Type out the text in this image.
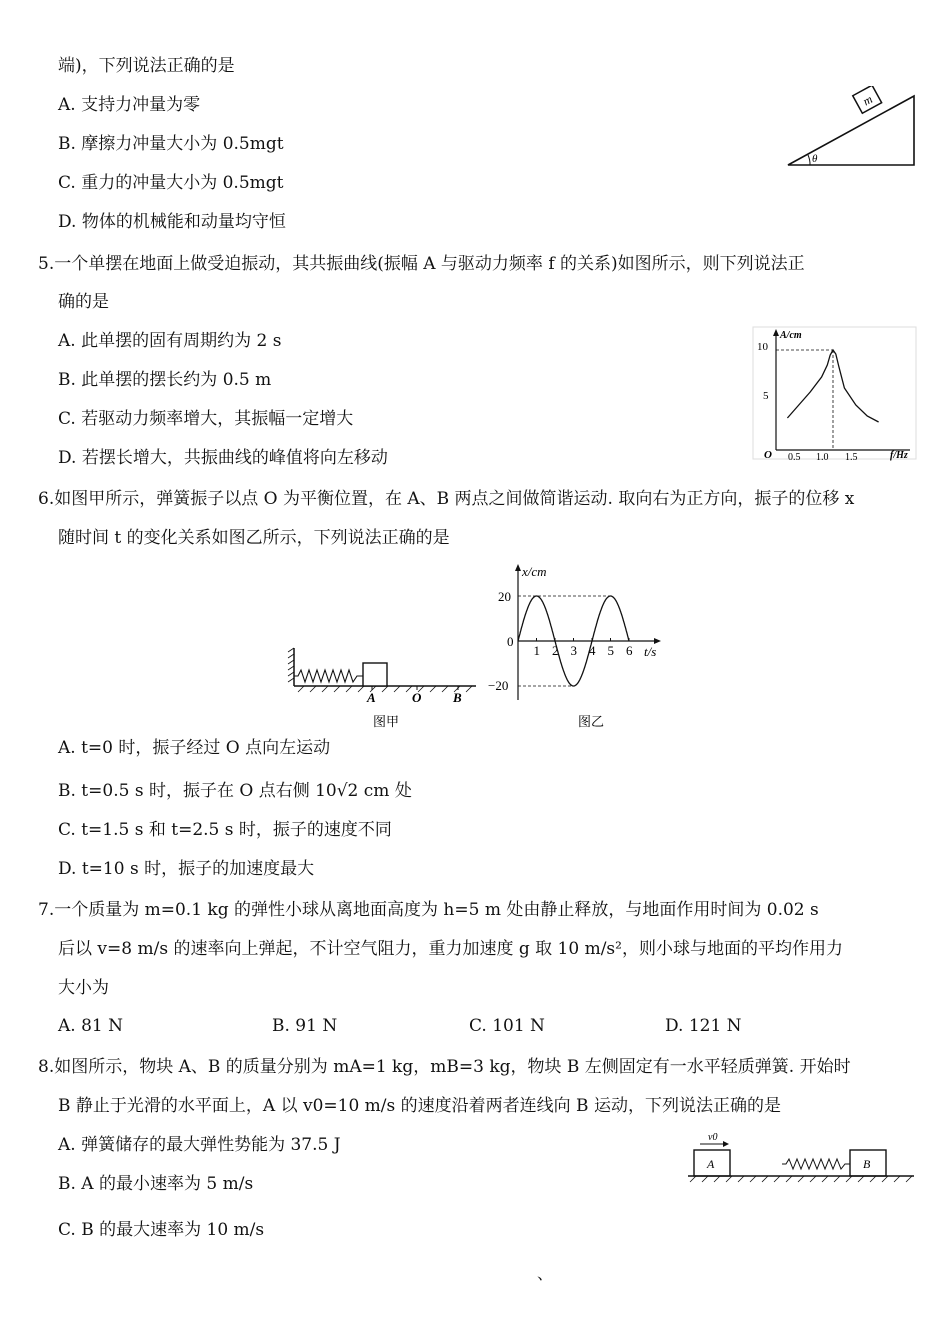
端)，下列说法正确的是
A. 支持力冲量为零
B. 摩擦力冲量大小为 0.5mgt
C. 重力的冲量大小为 0.5mgt
D. 物体的机械能和动量均守恒
m
θ
5.一个单摆在地面上做受迫振动，其共振曲线(振幅 A 与驱动力频率 f 的关系)如图所示，则下列说法正
确的是
A. 此单摆的固有周期约为 2 s
B. 此单摆的摆长约为 0.5 m
C. 若驱动力频率增大，其振幅一定增大
D. 若摆长增大，共振曲线的峰值将向左移动
A/cm
f/Hz
O
10
5
0.5 1.0 1.5
6.如图甲所示，弹簧振子以点 O 为平衡位置，在 A、B 两点之间做简谐运动. 取向右为正方向，振子的位移 x
随时间 t 的变化关系如图乙所示，下列说法正确的是
A	O B
图甲
x/cm
t/s
0
20
−20
1 2 3 4 5 6
图乙
A. t=0 时，振子经过 O 点向左运动
B. t=0.5 s 时，振子在 O 点右侧 10√2 cm 处
C. t=1.5 s 和 t=2.5 s 时，振子的速度不同
D. t=10 s 时，振子的加速度最大
7.一个质量为 m=0.1 kg 的弹性小球从离地面高度为 h=5 m 处由静止释放，与地面作用时间为 0.02 s
后以 v=8 m/s 的速率向上弹起，不计空气阻力，重力加速度 g 取 10 m/s²，则小球与地面的平均作用力
大小为
A. 81 N	B. 91 N	C. 101 N	D. 121 N
8.如图所示，物块 A、B 的质量分别为 mA=1 kg，mB=3 kg，物块 B 左侧固定有一水平轻质弹簧. 开始时
B 静止于光滑的水平面上，A 以 v0=10 m/s 的速度沿着两者连线向 B 运动，下列说法正确的是
A. 弹簧储存的最大弹性势能为 37.5 J
B. A 的最小速率为 5 m/s
C. B 的最大速率为 10 m/s
v0
A	B
、
